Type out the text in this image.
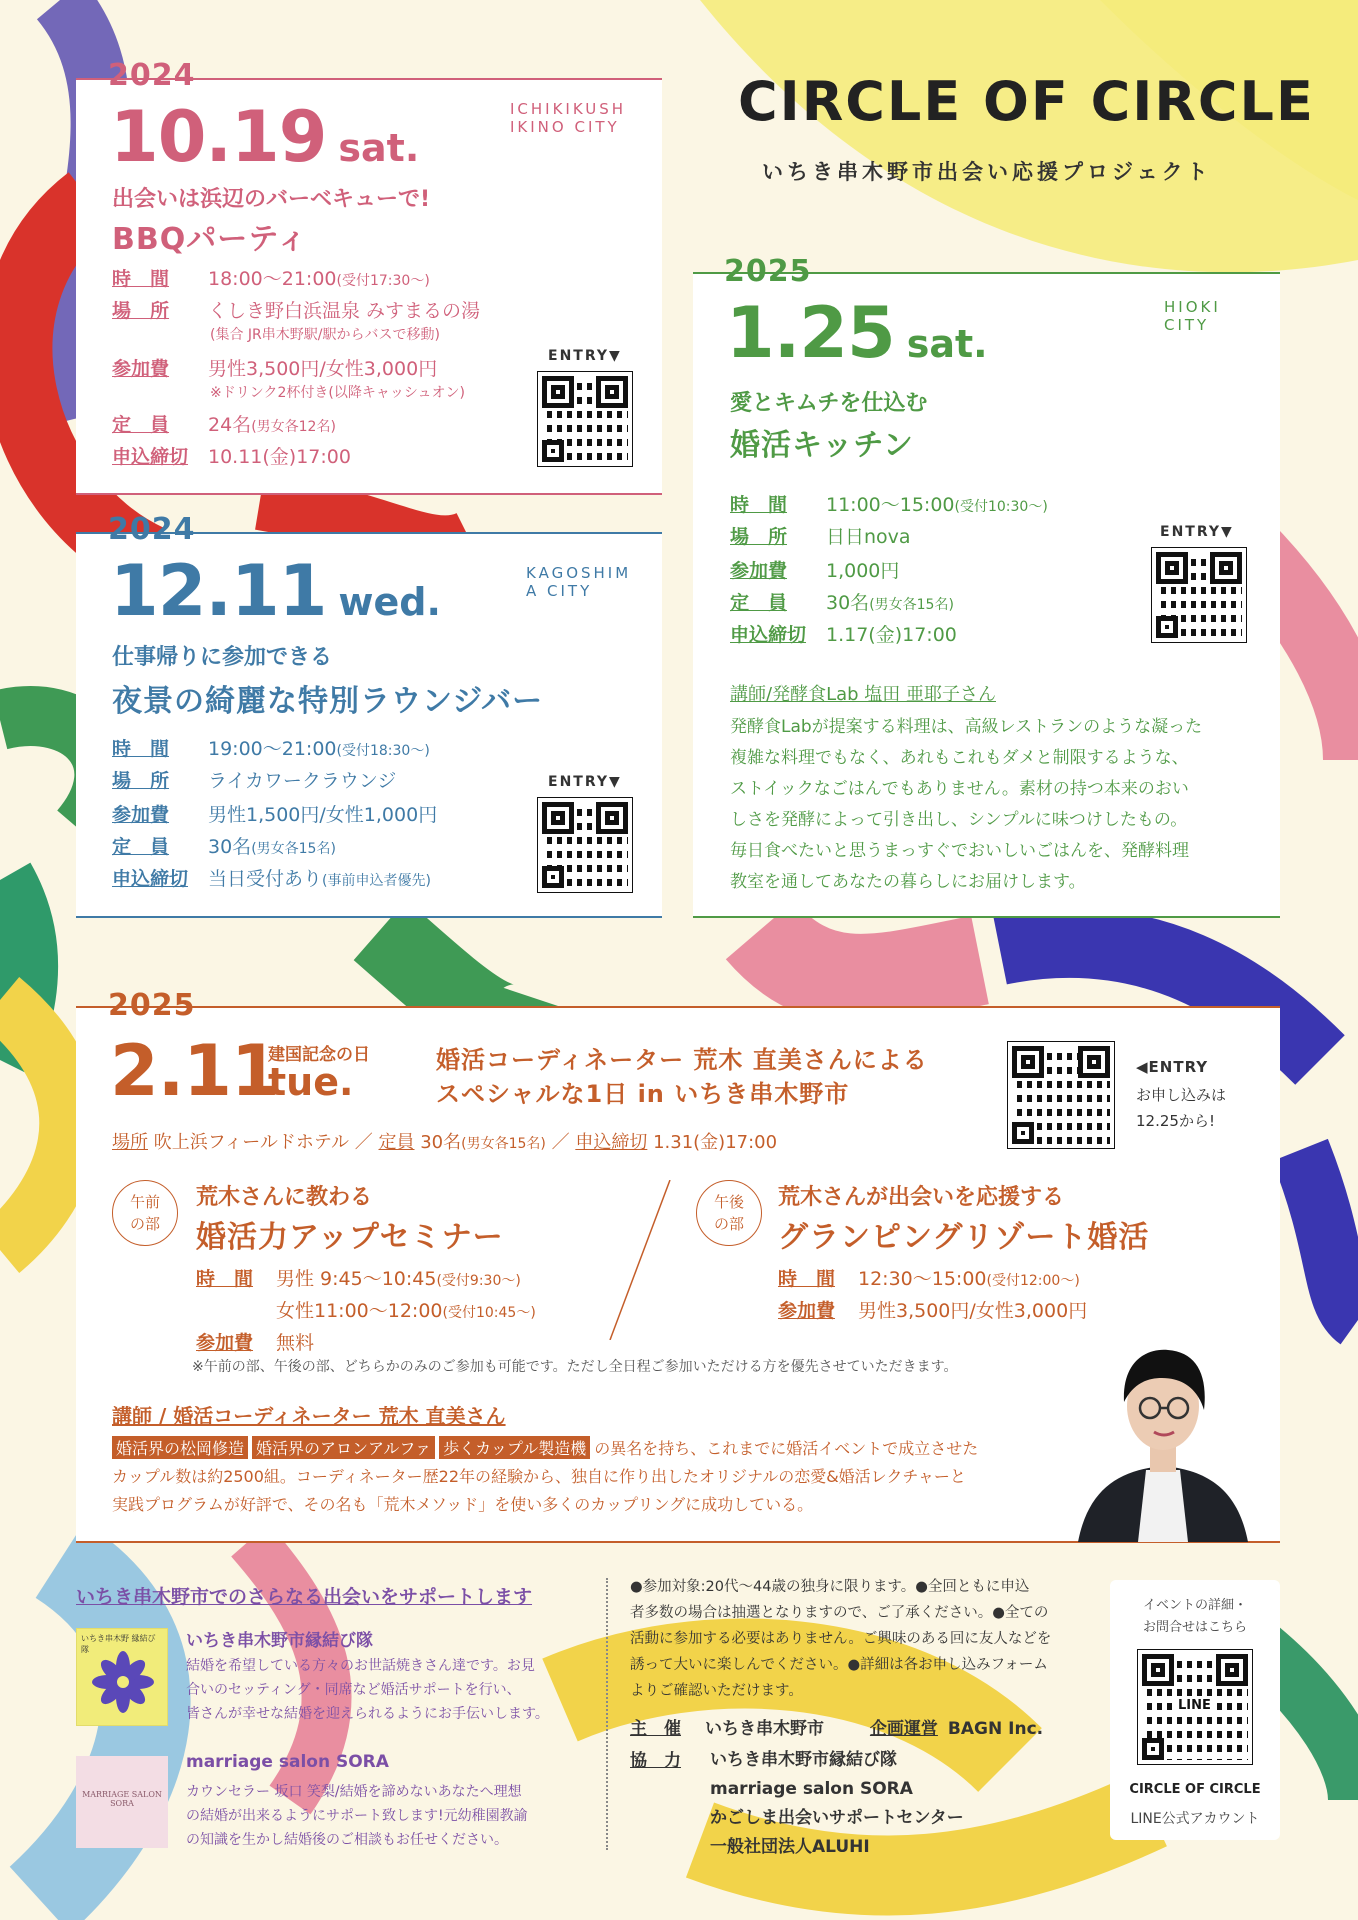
CIRCLE OF CIRCLE
いちき串木野市出会い応援プロジェクト
2024
10.19 sat.
ICHIKIKUSHIKINO CITY
出会いは浜辺のバーベキューで!
BBQパーティ
時　間 18:00〜21:00(受付17:30〜)
場　所 くしき野白浜温泉 みすまるの湯
(集合 JR串木野駅/駅からバスで移動)
参加費 男性3,500円/女性3,000円
※ドリンク2杯付き(以降キャッシュオン)
定　員 24名(男女各12名)
申込締切 10.11(金)17:00
ENTRY▼
2024
12.11 wed.
KAGOSHIMA CITY
仕事帰りに参加できる
夜景の綺麗な特別ラウンジバー
時　間 19:00〜21:00(受付18:30〜)
場　所 ライカワークラウンジ
参加費 男性1,500円/女性1,000円
定　員 30名(男女各15名)
申込締切 当日受付あり(事前申込者優先)
ENTRY▼
2025
1.25 sat.
HIOKI CITY
愛とキムチを仕込む
婚活キッチン
時　間 11:00〜15:00(受付10:30〜)
場　所 日日nova
参加費 1,000円
定　員 30名(男女各15名)
申込締切 1.17(金)17:00
ENTRY▼
講師/発酵食Lab 塩田 亜耶子さん
発酵食Labが提案する料理は、高級レストランのような凝った
複雑な料理でもなく、あれもこれもダメと制限するような、
ストイックなごはんでもありません。素材の持つ本来のおい
しさを発酵によって引き出し、シンプルに味つけしたもの。
毎日食べたいと思うまっすぐでおいしいごはんを、発酵料理
教室を通してあなたの暮らしにお届けします。
2025
2.11
建国記念の日
tue.	婚活コーディネーター 荒木 直美さんによる
スペシャルな1日 in いちき串木野市
◀ENTRY
お申し込みは
12.25から!
場所 吹上浜フィールドホテル ／ 定員 30名(男女各15名) ／ 申込締切 1.31(金)17:00
午前
の部
荒木さんに教わる
婚活力アップセミナー
時　間 男性 9:45〜10:45(受付9:30〜)
女性11:00〜12:00(受付10:45〜)
参加費 無料
午後
の部
荒木さんが出会いを応援する
グランピングリゾート婚活
時　間 12:30〜15:00(受付12:00〜)
参加費 男性3,500円/女性3,000円
※午前の部、午後の部、どちらかのみのご参加も可能です。ただし全日程ご参加いただける方を優先させていただきます。
講師 / 婚活コーディネーター 荒木 直美さん
婚活界の松岡修造 婚活界のアロンアルファ 歩くカップル製造機 の異名を持ち、これまでに婚活イベントで成立させた
カップル数は約2500組。コーディネーター歴22年の経験から、独自に作り出したオリジナルの恋愛&婚活レクチャーと
実践プログラムが好評で、その名も「荒木メソッド」を使い多くのカップリングに成功している。
いちき串木野市でのさらなる出会いをサポートします
いちき串木野 縁結び隊	いちき串木野市縁結び隊
結婚を希望している方々のお世話焼きさん達です。お見
合いのセッティング・同席など婚活サポートを行い、
皆さんが幸せな結婚を迎えられるようにお手伝いします。
MARRIAGE SALON SORA
marriage salon SORA
カウンセラー 坂口 笑梨/結婚を諦めないあなたへ理想
の結婚が出来るようにサポート致します!元幼稚園教諭
の知識を生かし結婚後のご相談もお任せください。
●参加対象:20代〜44歳の独身に限ります。●全回ともに申込
者多数の場合は抽選となりますので、ご了承ください。●全ての
活動に参加する必要はありません。ご興味のある回に友人などを
誘って大いに楽しんでください。●詳細は各お申し込みフォーム
よりご確認いただけます。
主　催 いちき串木野市	企画運営 BAGN Inc.
協　力 いちき串木野市縁結び隊
marriage salon SORA
かごしま出会いサポートセンター
一般社団法人ALUHI
イベントの詳細・
お問合せはこちら
LINE
CIRCLE OF CIRCLE
LINE公式アカウント
